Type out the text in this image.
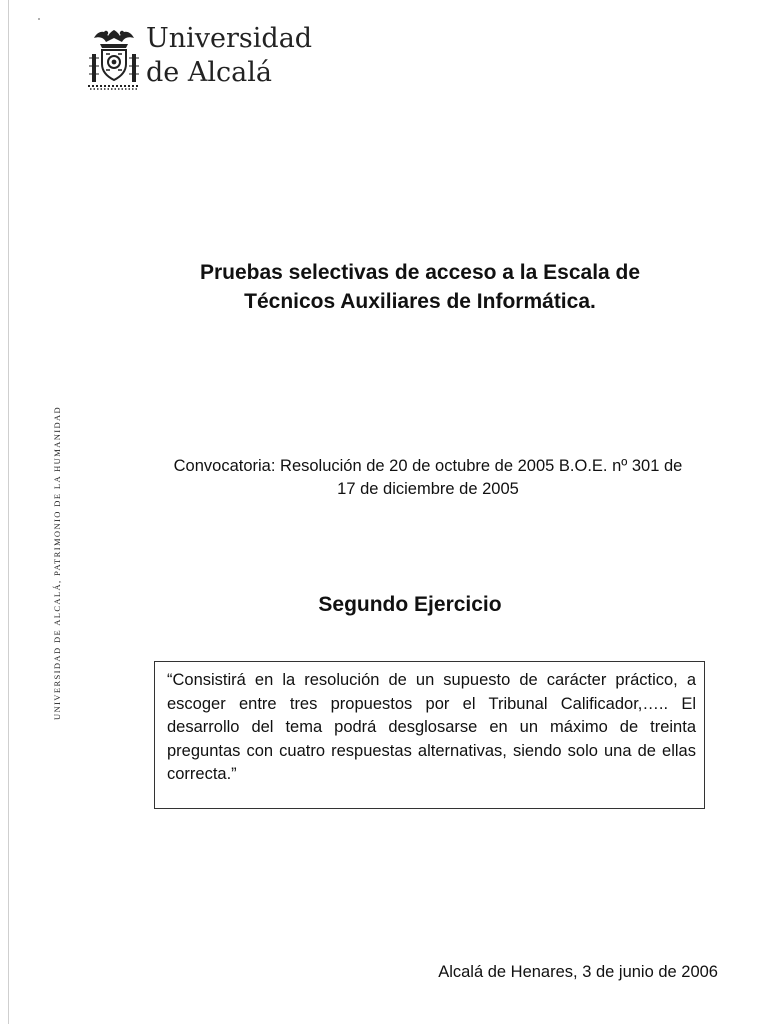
Universidad
de Alcalá
UNIVERSIDAD DE ALCALÁ, PATRIMONIO DE LA HUMANIDAD
Pruebas selectivas de acceso a la Escala de
Técnicos Auxiliares de Informática.
Convocatoria: Resolución de 20 de octubre de 2005 B.O.E. nº 301 de
17 de diciembre de 2005
Segundo Ejercicio

“Consistirá en la resolución de un supuesto de carácter práctico, a escoger entre tres propuestos por el Tribunal Calificador,….. El desarrollo del tema podrá desglosarse en un máximo de treinta preguntas con cuatro respuestas alternativas, siendo solo una de ellas correcta.”

Alcalá de Henares, 3 de junio de 2006
